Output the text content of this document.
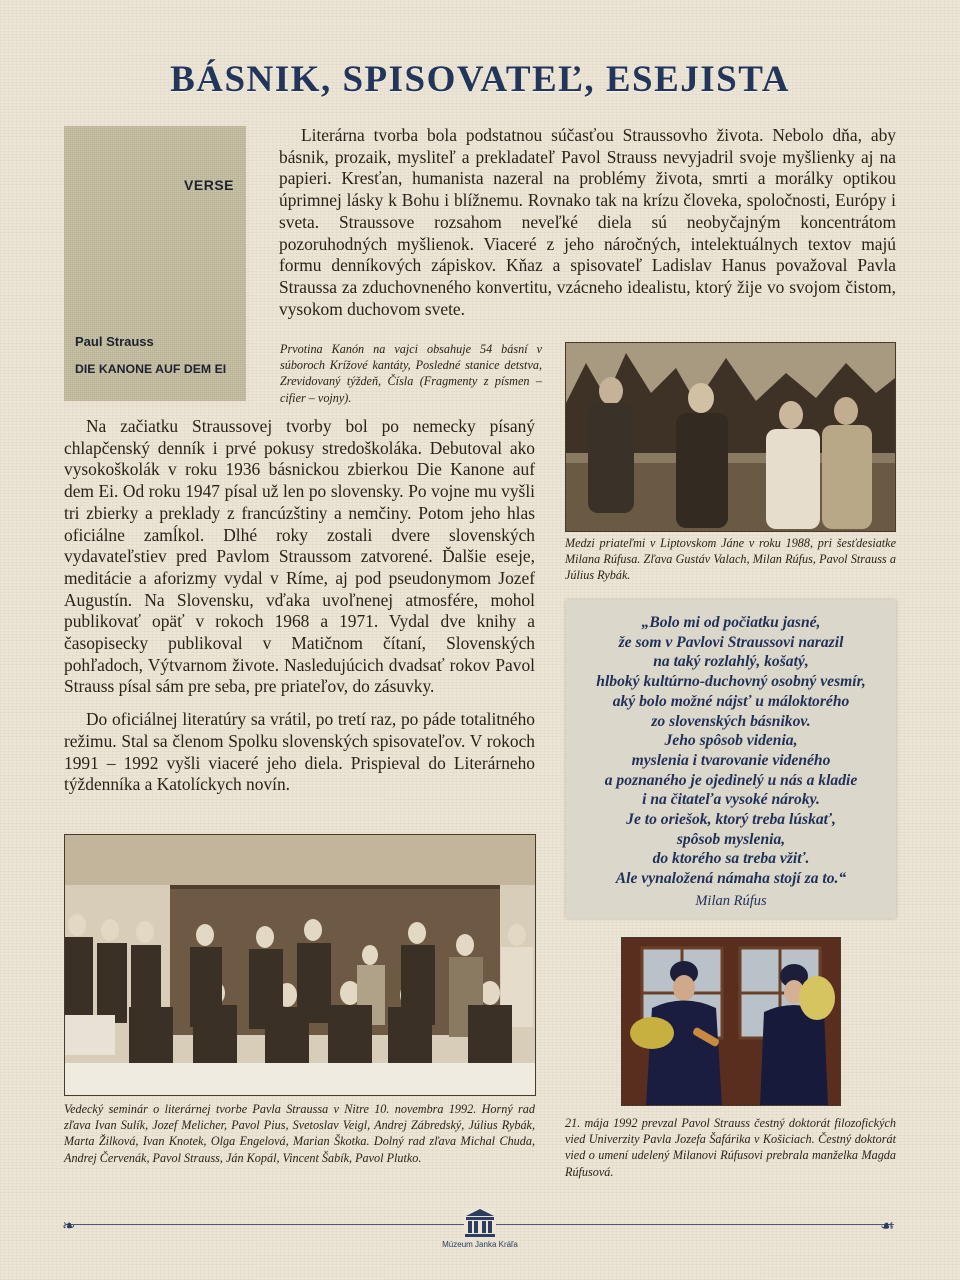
BÁSNIK, SPISOVATEĽ, ESEJISTA
VERSE
Paul Strauss
DIE KANONE AUF DEM EI

Literárna tvorba bola podstatnou súčasťou Straussovho života. Nebolo dňa, aby básnik, prozaik, mysliteľ a prekladateľ Pavol Strauss nevyjadril svoje myšlienky aj na papieri. Kresťan, humanista nazeral na problémy života, smrti a morálky optikou úprimnej lásky k Bohu i blížnemu. Rovnako tak na krízu človeka, spoločnosti, Európy i sveta. Straussove rozsahom neveľké diela sú neobyčajným koncentrátom pozoruhodných myšlienok. Viaceré z jeho náročných, intelektuálnych textov majú formu denníkových zápiskov. Kňaz a spisovateľ Ladislav Hanus považoval Pavla Straussa za zduchovneného konvertitu, vzácneho idealistu, ktorý žije vo svojom čistom, vysokom duchovom svete.

Prvotina Kanón na vajci obsahuje 54 básní v súboroch Krížové kantáty, Posledné stanice detstva, Zrevidovaný týždeň, Čísla (Fragmenty z písmen – cifier – vojny).

Medzi priateľmi v Liptovskom Jáne v roku 1988, pri šesťdesiatke Milana Rúfusa. Zľava Gustáv Valach, Milan Rúfus, Pavol Strauss a Július Rybák.

Na začiatku Straussovej tvorby bol po nemecky písaný chlapčenský denník i prvé pokusy stredoškoláka. Debutoval ako vysokoškolák v roku 1936 básnickou zbierkou Die Kanone auf dem Ei. Od roku 1947 písal už len po slovensky. Po vojne mu vyšli tri zbierky a preklady z francúzštiny a nemčiny. Potom jeho hlas oficiálne zamĺkol. Dlhé roky zostali dvere slovenských vydavateľstiev pred Pavlom Straussom zatvorené. Ďalšie eseje, meditácie a aforizmy vydal v Ríme, aj pod pseudonymom Jozef Augustín. Na Slovensku, vďaka uvoľnenej atmosfére, mohol publikovať opäť v rokoch 1968 a 1971. Vydal dve knihy a časopisecky publikoval v Matičnom čítaní, Slovenských pohľadoch, Výtvarnom živote. Nasledujúcich dvadsať rokov Pavol Strauss písal sám pre seba, pre priateľov, do zásuvky.

Do oficiálnej literatúry sa vrátil, po tretí raz, po páde totalitného režimu. Stal sa členom Spolku slovenských spisovateľov. V rokoch 1991 – 1992 vyšli viaceré jeho diela. Prispieval do Literárneho týždenníka a Katolíckych novín.

„Bolo mi od počiatku jasné,
že som v Pavlovi Straussovi narazil
na taký rozlahlý, košatý,
hlboký kultúrno-duchovný osobný vesmír,
aký bolo možné nájsť u máloktorého
zo slovenských básnikov.
Jeho spôsob videnia,
myslenia i tvarovanie videného
a poznaného je ojedinelý u nás a kladie
i na čitateľa vysoké nároky.
Je to oriešok, ktorý treba lúskať,
spôsob myslenia,
do ktorého sa treba vžiť.
Ale vynaložená námaha stojí za to.“
Milan Rúfus

Vedecký seminár o literárnej tvorbe Pavla Straussa v Nitre 10. novembra 1992. Horný rad zľava Ivan Sulík, Jozef Melicher, Pavol Pius, Svetoslav Veigl, Andrej Zábredský, Július Rybák, Marta Žilková, Ivan Knotek, Olga Engelová, Marian Škotka. Dolný rad zľava Michal Chuda, Andrej Červenák, Pavol Strauss, Ján Kopál, Vincent Šabík, Pavol Plutko.

21. mája 1992 prevzal Pavol Strauss čestný doktorát filozofických vied Univerzity Pavla Jozefa Šafárika v Košiciach. Čestný doktorát vied o umení udelený Milanovi Rúfusovi prebrala manželka Magda Rúfusová.

❧	☙
Múzeum Janka Kráľa
